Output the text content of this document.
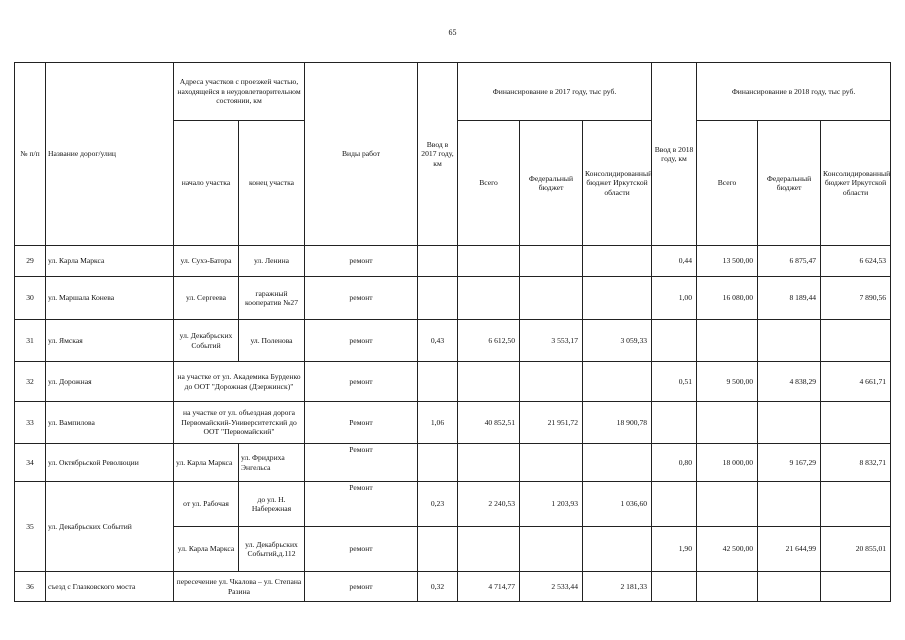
65
№ п/п	Название дорог/улиц	Адреса участков с проезжей частью, находящейся в неудовлетворительном состоянии, км		Виды работ	Ввод в 2017 году, км	Финансирование в 2017 году, тыс руб.			Ввод в 2018 году, км	Финансирование в 2018 году, тыс руб.		
		начало участка	конец участка			Всего	Федеральный бюджет	Консолидированный бюджет Иркутской области		Всего	Федеральный бюджет	Консолидированный бюджет Иркутской области
29	ул. Карла Маркса	ул. Сухэ-Батора	ул. Ленина	ремонт					0,44	13 500,00	6 875,47	6 624,53
30	ул. Маршала Конева	ул. Сергеева	гаражный кооператив №27	ремонт					1,00	16 080,00	8 189,44	7 890,56
31	ул. Ямская	ул. Декабрьских Событий	ул. Поленова	ремонт	0,43	6 612,50	3 553,17	3 059,33				
32	ул. Дорожная	на участке от ул. Академика Бурденко до ООТ "Дорожная (Дзержинск)"		ремонт					0,51	9 500,00	4 838,29	4 661,71
33	ул. Вампилова	на участке от ул. объездная дорога Первомайский-Университетский до ООТ "Первомайский"		Ремонт	1,06	40 852,51	21 951,72	18 900,78				
34	ул. Октябрьской Революции	ул. Карла Маркса	ул. Фридриха Энгельса	Ремонт					0,80	18 000,00	9 167,29	8 832,71
35	ул. Декабрьских Событий	от ул. Рабочая	до ул. Н. Набережная	Ремонт	0,23	2 240,53	1 203,93	1 036,60				
		ул. Карла Маркса	ул. Декабрьских Событий,д.112	ремонт					1,90	42 500,00	21 644,99	20 855,01
36	съезд с Глазковского моста	пересечение ул. Чкалова – ул. Степана Разина		ремонт	0,32	4 714,77	2 533,44	2 181,33				
